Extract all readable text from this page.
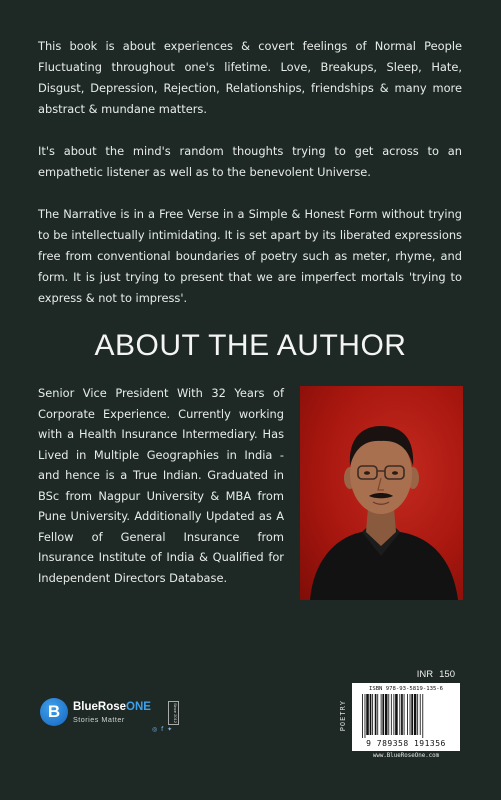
This book is about experiences & covert feelings of Normal People Fluctuating throughout one's lifetime. Love, Breakups, Sleep, Hate, Disgust, Depression, Rejection, Relationships, friendships & many more abstract & mundane matters.

It's about the mind's random thoughts trying to get across to an empathetic listener as well as to the benevolent Universe.

The Narrative is in a Free Verse in a Simple & Honest Form without trying to be intellectually intimidating. It is set apart by its liberated expressions free from conventional boundaries of poetry such as meter, rhyme, and form. It is just trying to present that we are imperfect mortals 'trying to express & not to impress'.

ABOUT THE AUTHOR

Senior Vice President With 32 Years of Corporate Experience. Currently working with a Health Insurance Intermediary. Has Lived in Multiple Geographies in India - and hence is a True Indian. Graduated in BSc from Nagpur University & MBA from Pune University. Additionally Updated as A Fellow of General Insurance from Insurance Institute of India & Qualified for Independent Directors Database.

INR 150
POETRY
ISBN 978-93-5819-135-6
9 789358 191356
www.BlueRoseOne.com
B	BlueRoseONE
Stories Matter	Since 2012
◎ f ✦
